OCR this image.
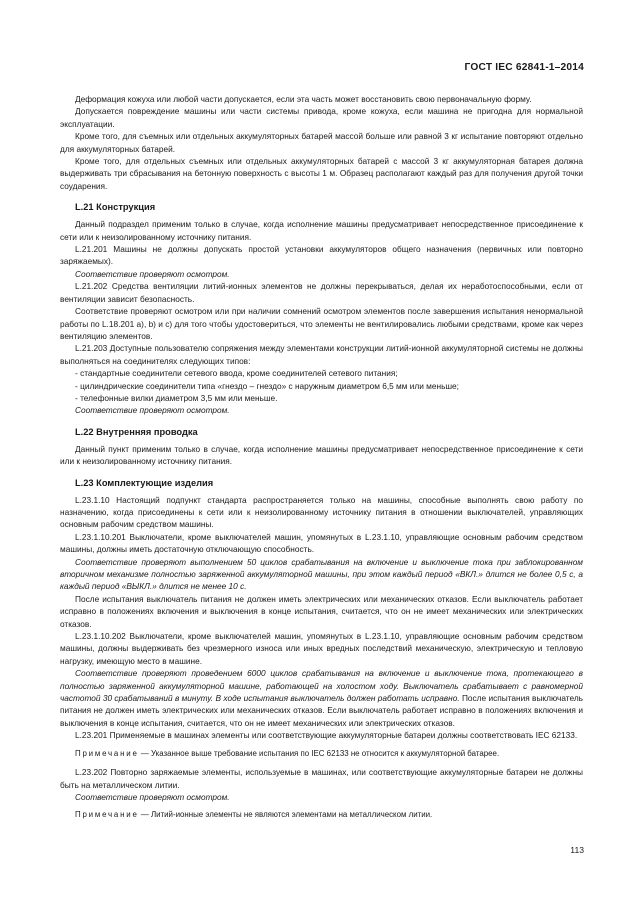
ГОСТ IEC 62841-1–2014

Деформация кожуха или любой части допускается, если эта часть может восстановить свою первоначальную форму.

Допускается повреждение машины или части системы привода, кроме кожуха, если машина не пригодна для нормальной эксплуатации.

Кроме того, для съемных или отдельных аккумуляторных батарей массой больше или равной 3 кг испытание повторяют отдельно для аккумуляторных батарей.

Кроме того, для отдельных съемных или отдельных аккумуляторных батарей с массой 3 кг аккумуляторная батарея должна выдерживать три сбрасывания на бетонную поверхность с высоты 1 м. Образец располагают каждый раз для получения другой точки соударения.

L.21 Конструкция

Данный подраздел применим только в случае, когда исполнение машины предусматривает непосредственное присоединение к сети или к неизолированному источнику питания.

L.21.201 Машины не должны допускать простой установки аккумуляторов общего назначения (первичных или повторно заряжаемых).

Соответствие проверяют осмотром.

L.21.202 Средства вентиляции литий-ионных элементов не должны перекрываться, делая их неработоспособными, если от вентиляции зависит безопасность.

Соответствие проверяют осмотром или при наличии сомнений осмотром элементов после завершения испытания ненормальной работы по L.18.201 a), b) и c) для того чтобы удостовериться, что элементы не вентилировались любыми средствами, кроме как через вентиляцию элементов.

L.21.203 Доступные пользователю сопряжения между элементами конструкции литий-ионной аккумуляторной системы не должны выполняться на соединителях следующих типов:

- стандартные соединители сетевого ввода, кроме соединителей сетевого питания;

- цилиндрические соединители типа «гнездо – гнездо» с наружным диаметром 6,5 мм или меньше;

- телефонные вилки диаметром 3,5 мм или меньше.

Соответствие проверяют осмотром.

L.22 Внутренняя проводка

Данный пункт применим только в случае, когда исполнение машины предусматривает непосредственное присоединение к сети или к неизолированному источнику питания.

L.23 Комплектующие изделия

L.23.1.10 Настоящий подпункт стандарта распространяется только на машины, способные выполнять свою работу по назначению, когда присоединены к сети или к неизолированному источнику питания в отношении выключателей, управляющих основным рабочим средством машины.

L.23.1.10.201 Выключатели, кроме выключателей машин, упомянутых в L.23.1.10, управляющие основным рабочим средством машины, должны иметь достаточную отключающую способность.

Соответствие проверяют выполнением 50 циклов срабатывания на включение и выключение тока при заблокированном вторичном механизме полностью заряженной аккумуляторной машины, при этом каждый период «ВКЛ.» длится не более 0,5 с, а каждый период «ВЫКЛ.» длится не менее 10 с.

После испытания выключатель питания не должен иметь электрических или механических отказов. Если выключатель работает исправно в положениях включения и выключения в конце испытания, считается, что он не имеет механических или электрических отказов.

L.23.1.10.202 Выключатели, кроме выключателей машин, упомянутых в L.23.1.10, управляющие основным рабочим средством машины, должны выдерживать без чрезмерного износа или иных вредных последствий механическую, электрическую и тепловую нагрузку, имеющую место в машине.

Соответствие проверяют проведением 6000 циклов срабатывания на включение и выключение тока, протекающего в полностью заряженной аккумуляторной машине, работающей на холостом ходу. Выключатель срабатывает с равномерной частотой 30 срабатываний в минуту. В ходе испытания выключатель должен работать исправно. После испытания выключатель питания не должен иметь электрических или механических отказов. Если выключатель работает исправно в положениях включения и выключения в конце испытания, считается, что он не имеет механических или электрических отказов.

L.23.201 Применяемые в машинах элементы или соответствующие аккумуляторные батареи должны соответствовать IEC 62133.

Примечание — Указанное выше требование испытания по IEC 62133 не относится к аккумуляторной батарее.

L.23.202 Повторно заряжаемые элементы, используемые в машинах, или соответствующие аккумуляторные батареи не должны быть на металлическом литии.

Соответствие проверяют осмотром.

Примечание — Литий-ионные элементы не являются элементами на металлическом литии.

113
